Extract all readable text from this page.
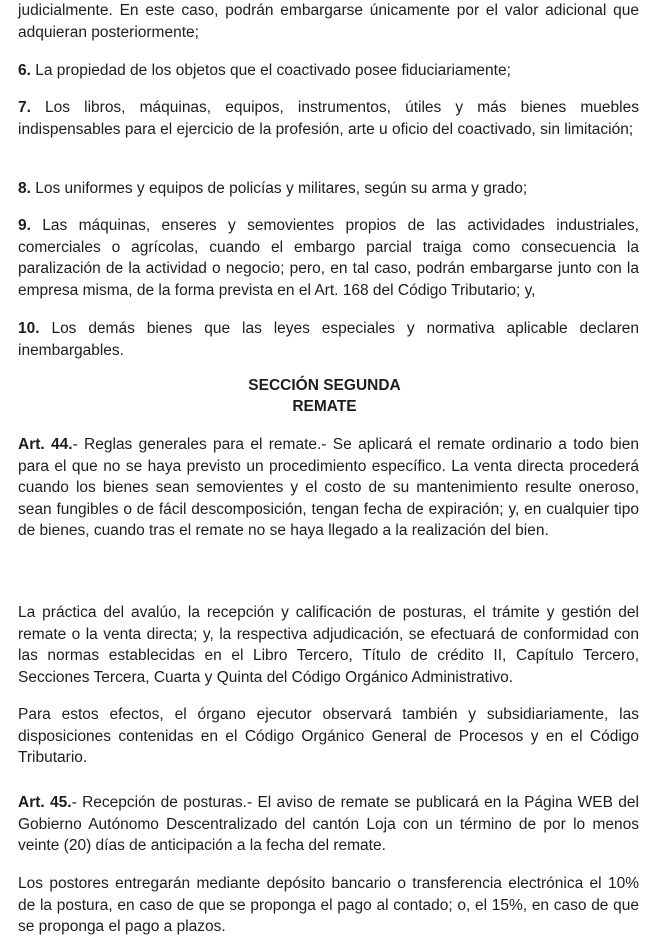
judicialmente. En este caso, podrán embargarse únicamente por el valor adicional que adquieran posteriormente;

6. La propiedad de los objetos que el coactivado posee fiduciariamente;

7. Los libros, máquinas, equipos, instrumentos, útiles y más bienes muebles indispensables para el ejercicio de la profesión, arte u oficio del coactivado, sin limitación;

8. Los uniformes y equipos de policías y militares, según su arma y grado;

9. Las máquinas, enseres y semovientes propios de las actividades industriales, comerciales o agrícolas, cuando el embargo parcial traiga como consecuencia la paralización de la actividad o negocio; pero, en tal caso, podrán embargarse junto con la empresa misma, de la forma prevista en el Art. 168 del Código Tributario; y,

10. Los demás bienes que las leyes especiales y normativa aplicable declaren inembargables.

SECCIÓN SEGUNDA
REMATE

Art. 44.- Reglas generales para el remate.- Se aplicará el remate ordinario a todo bien para el que no se haya previsto un procedimiento específico. La venta directa procederá cuando los bienes sean semovientes y el costo de su mantenimiento resulte oneroso, sean fungibles o de fácil descomposición, tengan fecha de expiración; y, en cualquier tipo de bienes, cuando tras el remate no se haya llegado a la realización del bien.

La práctica del avalúo, la recepción y calificación de posturas, el trámite y gestión del remate o la venta directa; y, la respectiva adjudicación, se efectuará de conformidad con las normas establecidas en el Libro Tercero, Título de crédito II, Capítulo Tercero, Secciones Tercera, Cuarta y Quinta del Código Orgánico Administrativo.

Para estos efectos, el órgano ejecutor observará también y subsidiariamente, las disposiciones contenidas en el Código Orgánico General de Procesos y en el Código Tributario.

Art. 45.- Recepción de posturas.- El aviso de remate se publicará en la Página WEB del Gobierno Autónomo Descentralizado del cantón Loja con un término de por lo menos veinte (20) días de anticipación a la fecha del remate.

Los postores entregarán mediante depósito bancario o transferencia electrónica el 10% de la postura, en caso de que se proponga el pago al contado; o, el 15%, en caso de que se proponga el pago a plazos.
